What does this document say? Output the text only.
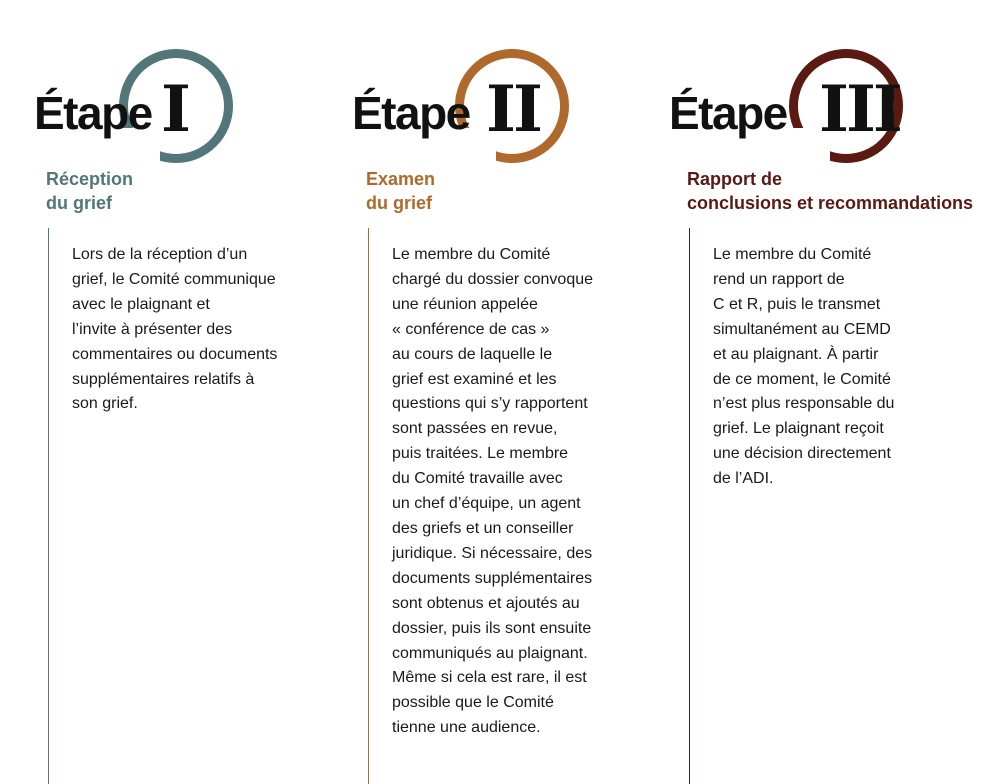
Étape I
Réception
du grief
Lors de la réception d’un
grief, le Comité communique
avec le plaignant et
l’invite à présenter des
commentaires ou documents
supplémentaires relatifs à
son grief.
Étape II
Examen
du grief
Le membre du Comité
chargé du dossier convoque
une réunion appelée
« conférence de cas »
au cours de laquelle le
grief est examiné et les
questions qui s’y rapportent
sont passées en revue,
puis traitées. Le membre
du Comité travaille avec
un chef d’équipe, un agent
des griefs et un conseiller
juridique. Si nécessaire, des
documents supplémentaires
sont obtenus et ajoutés au
dossier, puis ils sont ensuite
communiqués au plaignant.
Même si cela est rare, il est
possible que le Comité
tienne une audience.
Étape III
Rapport de
conclusions et recommandations
Le membre du Comité
rend un rapport de
C et R, puis le transmet
simultanément au CEMD
et au plaignant. À partir
de ce moment, le Comité
n’est plus responsable du
grief. Le plaignant reçoit
une décision directement
de l’ADI.
